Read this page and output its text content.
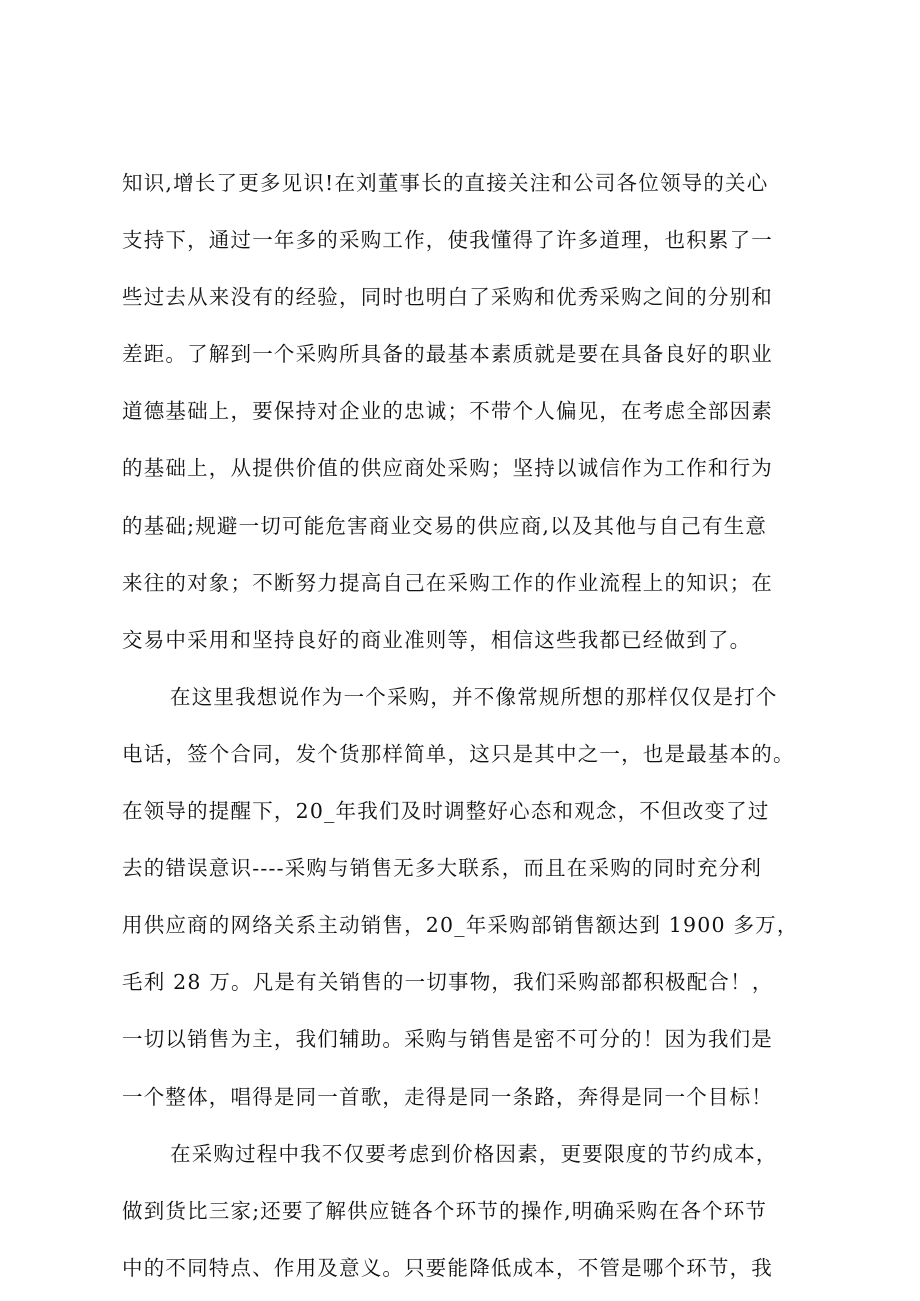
知识,增长了更多见识!在刘董事长的直接关注和公司各位领导的关心
支持下，通过一年多的采购工作，使我懂得了许多道理，也积累了一
些过去从来没有的经验，同时也明白了采购和优秀采购之间的分别和
差距。了解到一个采购所具备的最基本素质就是要在具备良好的职业
道德基础上，要保持对企业的忠诚；不带个人偏见，在考虑全部因素
的基础上，从提供价值的供应商处采购；坚持以诚信作为工作和行为
的基础;规避一切可能危害商业交易的供应商,以及其他与自己有生意
来往的对象；不断努力提高自己在采购工作的作业流程上的知识；在
交易中采用和坚持良好的商业准则等，相信这些我都已经做到了。
在这里我想说作为一个采购，并不像常规所想的那样仅仅是打个
电话，签个合同，发个货那样简单，这只是其中之一，也是最基本的。
在领导的提醒下，20_年我们及时调整好心态和观念，不但改变了过
去的错误意识----采购与销售无多大联系，而且在采购的同时充分利
用供应商的网络关系主动销售，20_年采购部销售额达到 1900 多万，
毛利 28 万。凡是有关销售的一切事物，我们采购部都积极配合！，
一切以销售为主，我们辅助。采购与销售是密不可分的！因为我们是
一个整体，唱得是同一首歌，走得是同一条路，奔得是同一个目标！
在采购过程中我不仅要考虑到价格因素，更要限度的节约成本，
做到货比三家;还要了解供应链各个环节的操作,明确采购在各个环节
中的不同特点、作用及意义。只要能降低成本，不管是哪个环节，我
